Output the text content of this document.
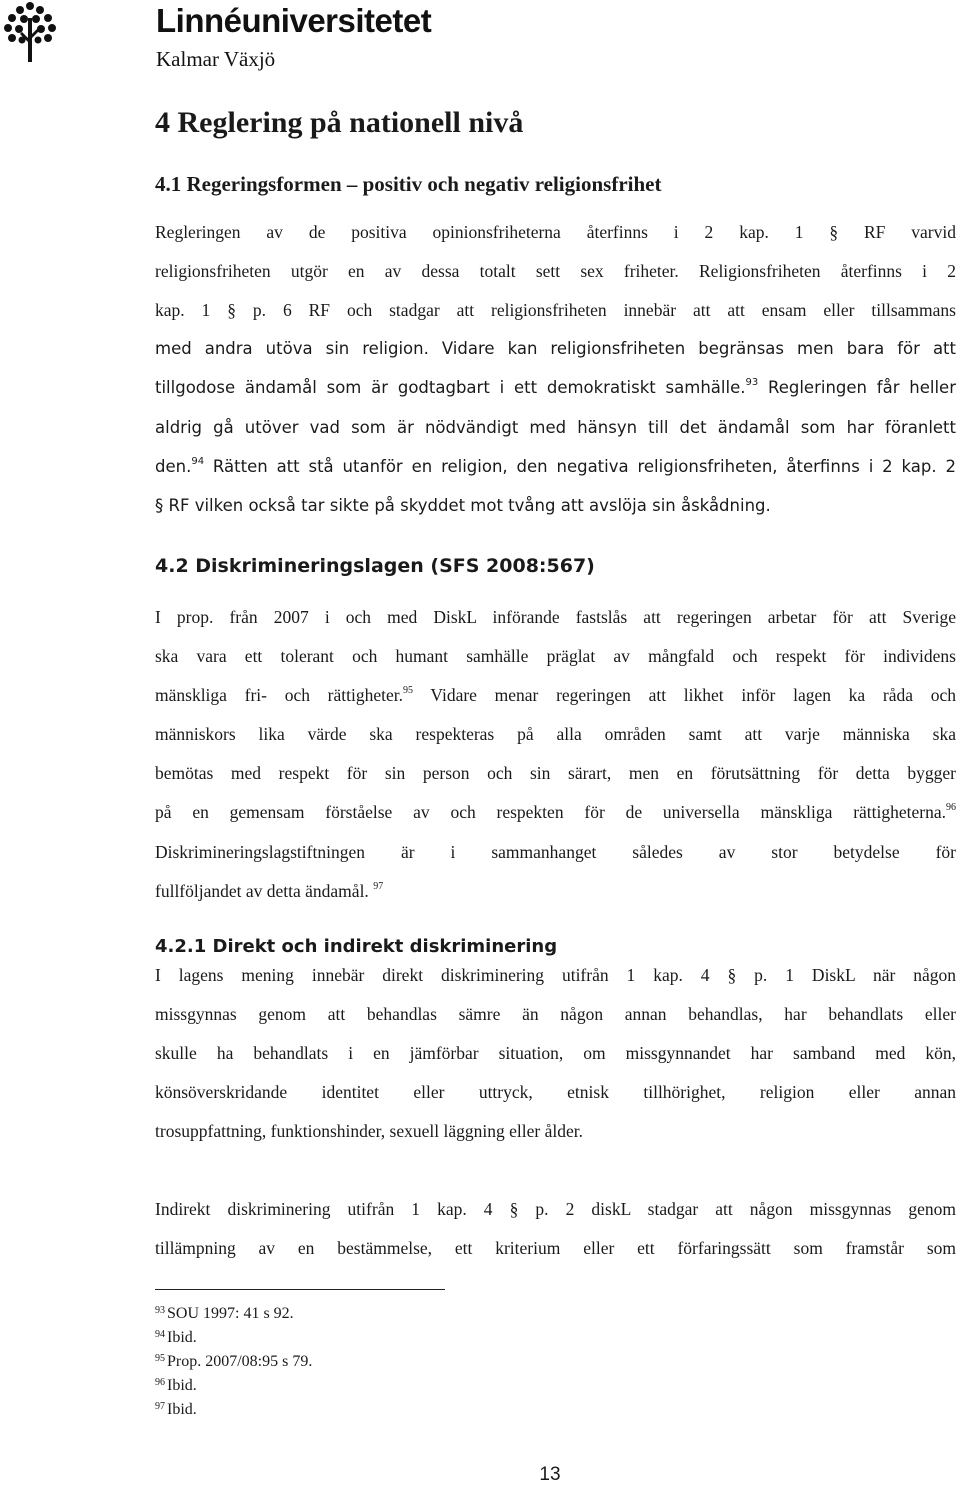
Linnéuniversitetet
Kalmar Växjö
4 Reglering på nationell nivå
4.1 Regeringsformen – positiv och negativ religionsfrihet
Regleringen av de positiva opinionsfriheterna återfinns i 2 kap. 1 § RF varvid
religionsfriheten utgör en av dessa totalt sett sex friheter. Religionsfriheten återfinns i 2
kap. 1 § p. 6 RF och stadgar att religionsfriheten innebär att att ensam eller tillsammans
med andra utöva sin religion. Vidare kan religionsfriheten begränsas men bara för att
tillgodose ändamål som är godtagbart i ett demokratiskt samhälle.$^{93}$ Regleringen får heller
aldrig gå utöver vad som är nödvändigt med hänsyn till det ändamål som har föranlett
den.$^{94}$ Rätten att stå utanför en religion, den negativa religionsfriheten, återfinns i 2 kap. 2
§ RF vilken också tar sikte på skyddet mot tvång att avslöja sin åskådning.
4.2 Diskrimineringslagen (SFS 2008:567)
I prop. från 2007 i och med DiskL införande fastslås att regeringen arbetar för att Sverige
ska vara ett tolerant och humant samhälle präglat av mångfald och respekt för individens
mänskliga fri- och rättigheter.$^{95}$ Vidare menar regeringen att likhet inför lagen ka råda och
människors lika värde ska respekteras på alla områden samt att varje människa ska
bemötas med respekt för sin person och sin särart, men en förutsättning för detta bygger
på en gemensam förståelse av och respekten för de universella mänskliga rättigheterna.$^{96}$
Diskrimineringslagstiftningen är i sammanhanget således av stor betydelse för
fullföljandet av detta ändamål. $^{97}$
4.2.1 Direkt och indirekt diskriminering
I lagens mening innebär direkt diskriminering utifrån 1 kap. 4 § p. 1 DiskL när någon
missgynnas genom att behandlas sämre än någon annan behandlas, har behandlats eller
skulle ha behandlats i en jämförbar situation, om missgynnandet har samband med kön,
könsöverskridande identitet eller uttryck, etnisk tillhörighet, religion eller annan
trosuppfattning, funktionshinder, sexuell läggning eller ålder.
Indirekt diskriminering utifrån 1 kap. 4 § p. 2 diskL stadgar att någon missgynnas genom
tillämpning av en bestämmelse, ett kriterium eller ett förfaringssätt som framstår som
$^{93}$ SOU 1997: 41 s 92.
$^{94}$ Ibid.
$^{95}$ Prop. 2007/08:95 s 79.
$^{96}$ Ibid.
$^{97}$ Ibid.
13
